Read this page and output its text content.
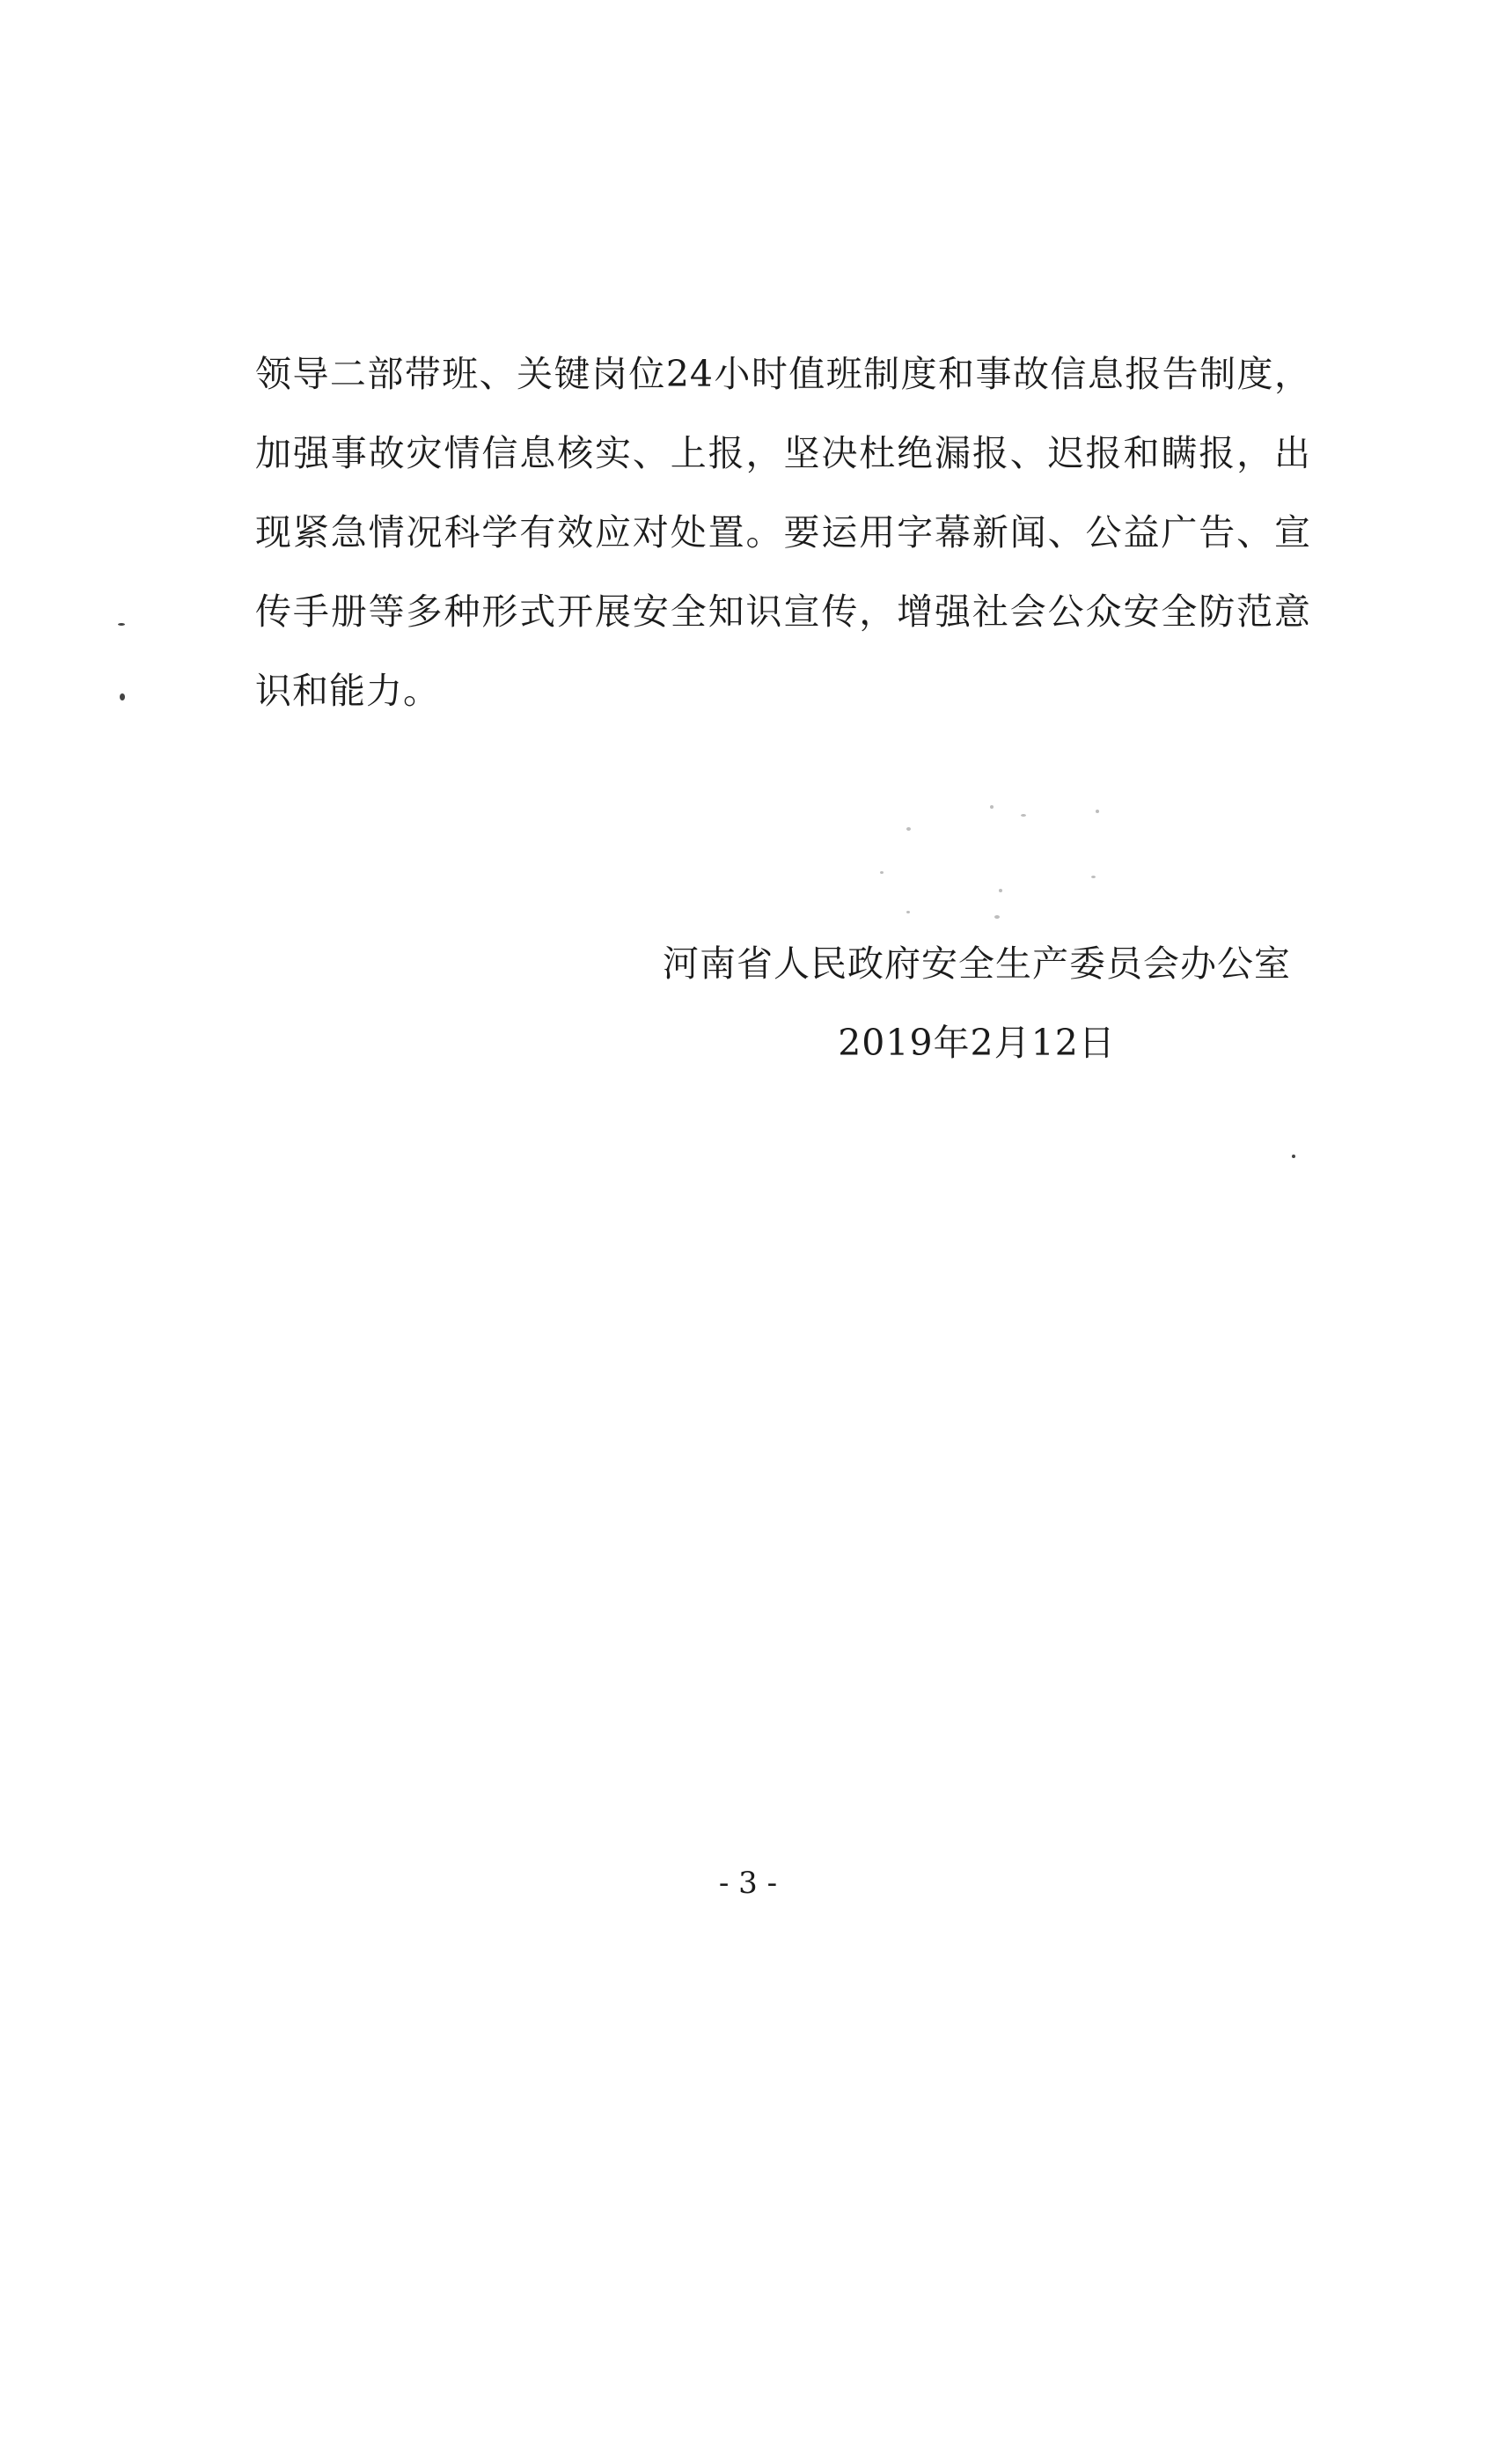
领导二部带班、关键岗位24小时值班制度和事故信息报告制度，
加强事故灾情信息核实、上报，坚决杜绝漏报、迟报和瞒报，出
现紧急情况科学有效应对处置。要运用字幕新闻、公益广告、宣
传手册等多种形式开展安全知识宣传，增强社会公众安全防范意
识和能力。
河南省人民政府安全生产委员会办公室
2019年2月12日
- 3 -
